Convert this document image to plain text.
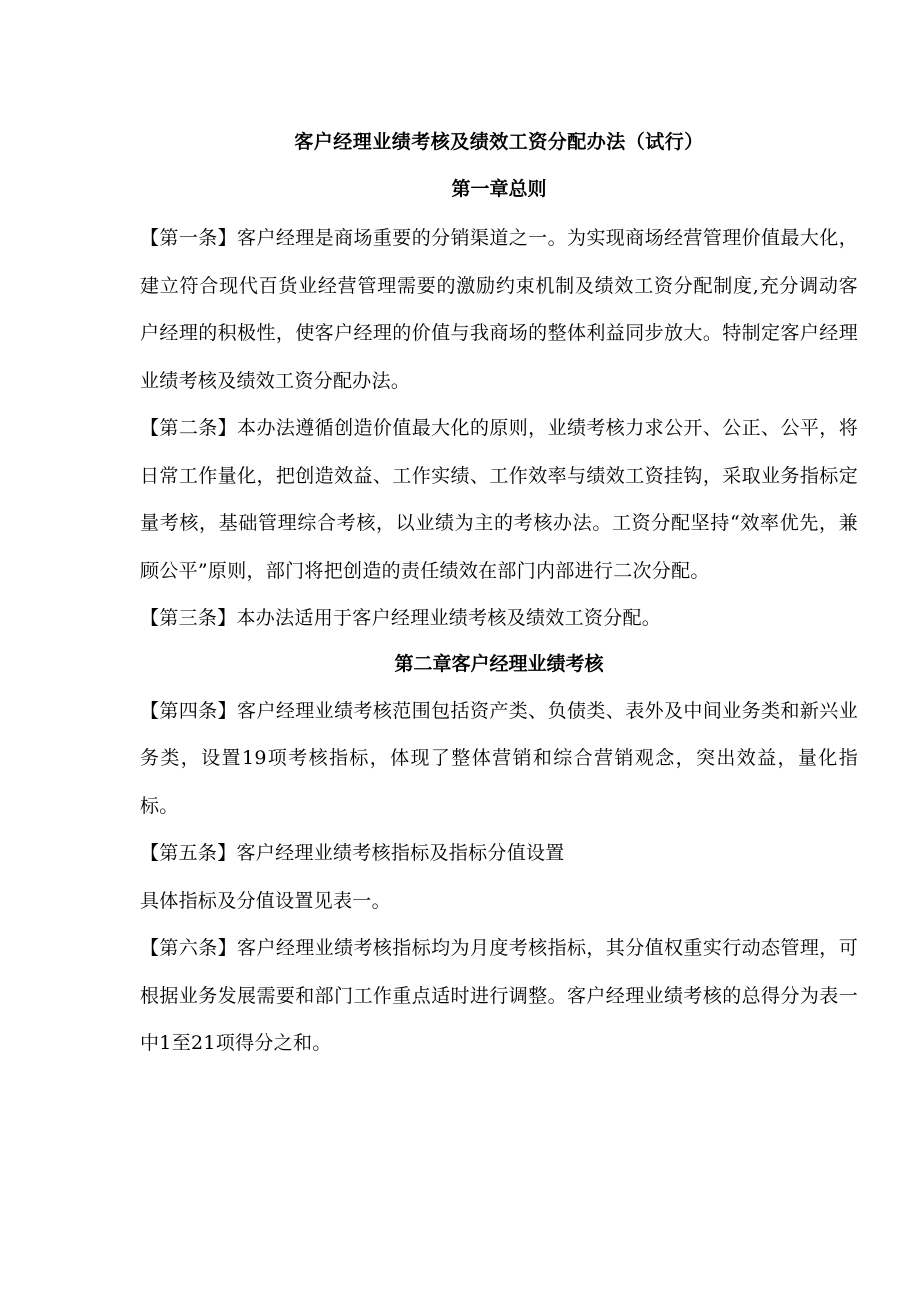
客户经理业绩考核及绩效工资分配办法（试行）
第一章总则

【第一条】客户经理是商场重要的分销渠道之一。为实现商场经营管理价值最大化，建立符合现代百货业经营管理需要的激励约束机制及绩效工资分配制度,充分调动客户经理的积极性，使客户经理的价值与我商场的整体利益同步放大。特制定客户经理业绩考核及绩效工资分配办法。

【第二条】本办法遵循创造价值最大化的原则，业绩考核力求公开、公正、公平，将日常工作量化，把创造效益、工作实绩、工作效率与绩效工资挂钩，采取业务指标定量考核，基础管理综合考核，以业绩为主的考核办法。工资分配坚持“效率优先，兼顾公平”原则，部门将把创造的责任绩效在部门内部进行二次分配。

【第三条】本办法适用于客户经理业绩考核及绩效工资分配。

第二章客户经理业绩考核

【第四条】客户经理业绩考核范围包括资产类、负债类、表外及中间业务类和新兴业务类，设置19项考核指标，体现了整体营销和综合营销观念，突出效益，量化指标。

【第五条】客户经理业绩考核指标及指标分值设置

具体指标及分值设置见表一。

【第六条】客户经理业绩考核指标均为月度考核指标，其分值权重实行动态管理，可根据业务发展需要和部门工作重点适时进行调整。客户经理业绩考核的总得分为表一中1至21项得分之和。
